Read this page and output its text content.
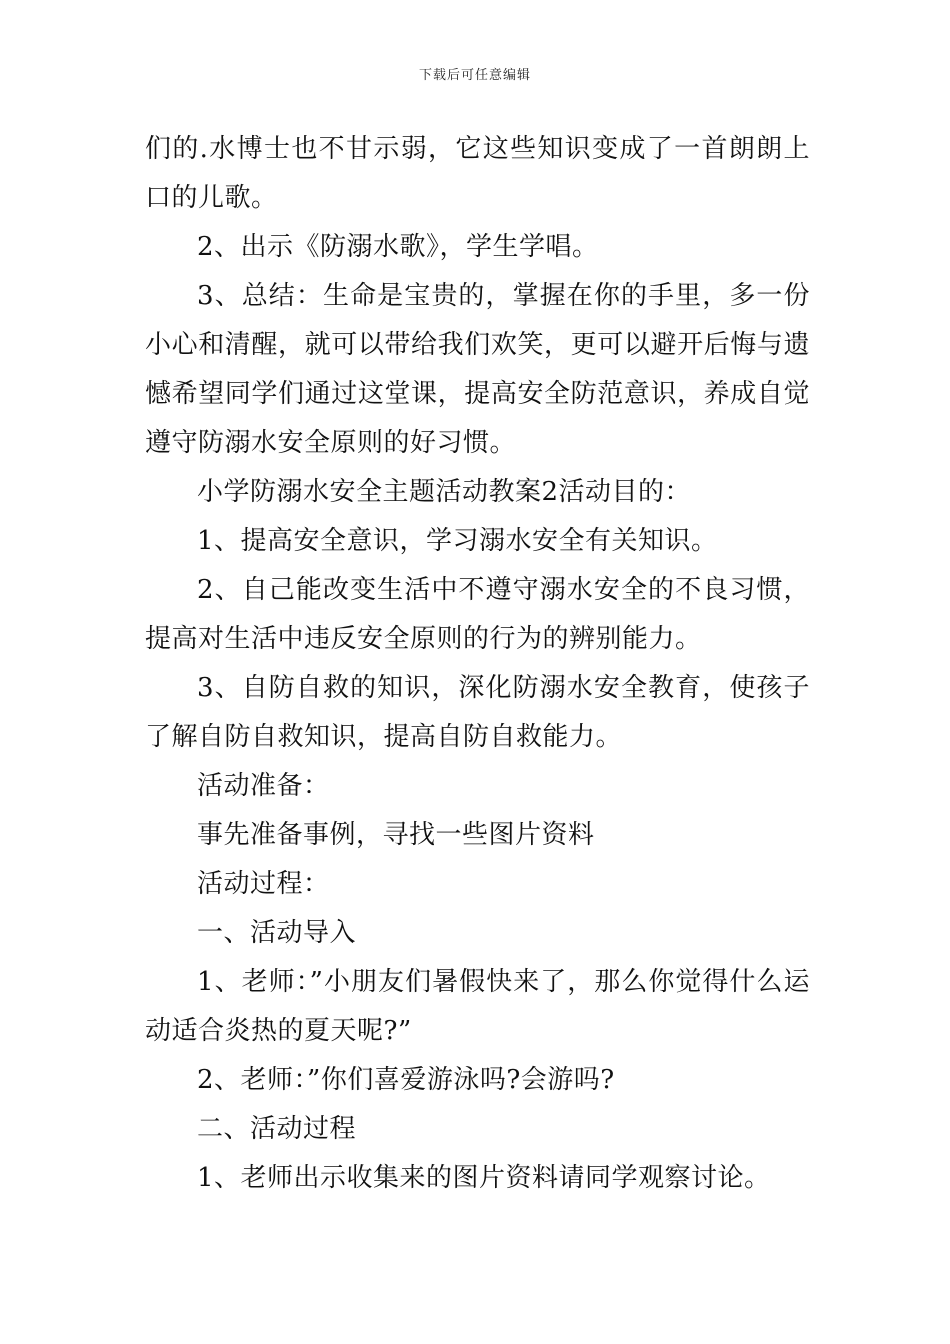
下载后可任意编辑

们的.水博士也不甘示弱，它这些知识变成了一首朗朗上口的儿歌。

2、出示《防溺水歌》，学生学唱。

3、总结：生命是宝贵的，掌握在你的手里，多一份小心和清醒，就可以带给我们欢笑，更可以避开后悔与遗憾希望同学们通过这堂课，提高安全防范意识，养成自觉遵守防溺水安全原则的好习惯。

小学防溺水安全主题活动教案2活动目的：

1、提高安全意识，学习溺水安全有关知识。

2、自己能改变生活中不遵守溺水安全的不良习惯，提高对生活中违反安全原则的行为的辨别能力。

3、自防自救的知识，深化防溺水安全教育，使孩子了解自防自救知识，提高自防自救能力。

活动准备：

事先准备事例，寻找一些图片资料

活动过程：

一、活动导入

1、老师：”小朋友们暑假快来了，那么你觉得什么运动适合炎热的夏天呢?”

2、老师：”你们喜爱游泳吗?会游吗?

二、活动过程

1、老师出示收集来的图片资料请同学观察讨论。
